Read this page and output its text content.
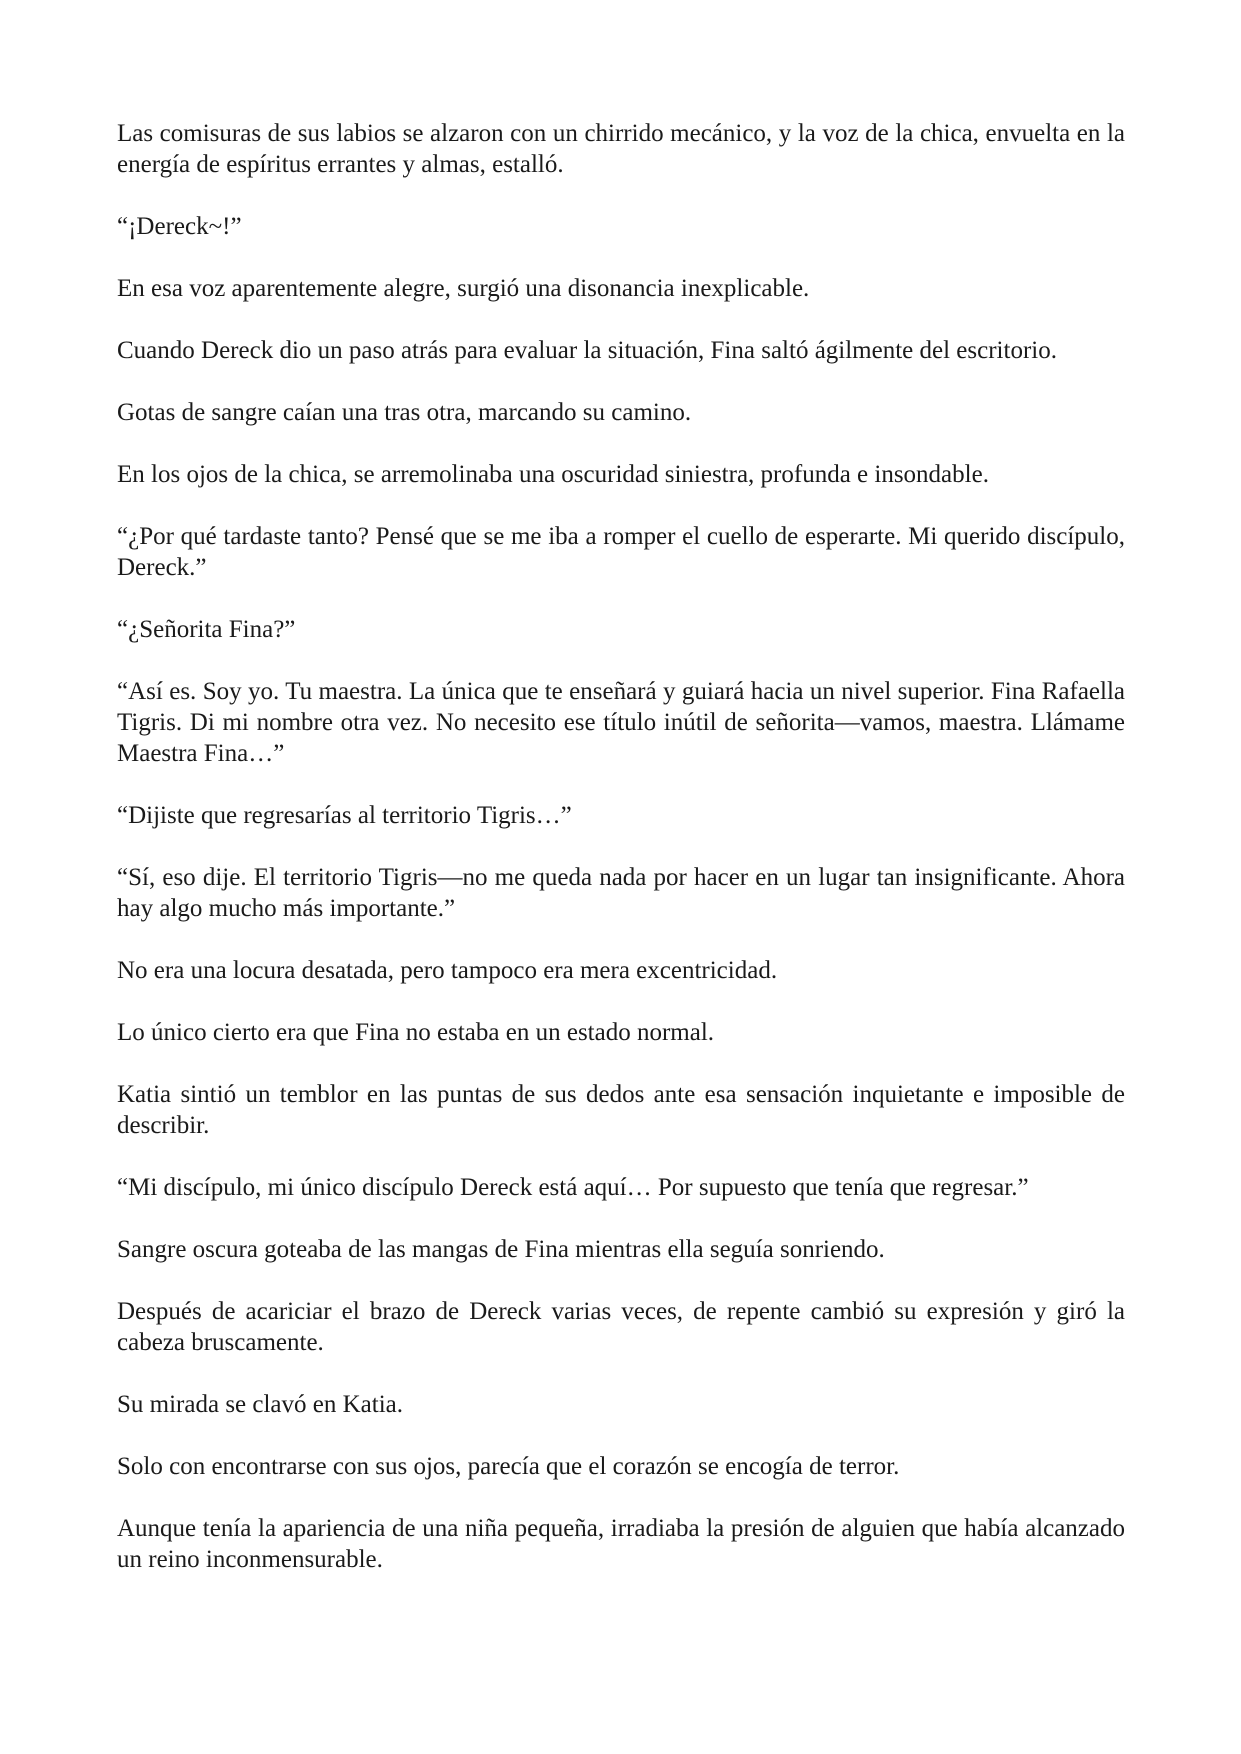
Las comisuras de sus labios se alzaron con un chirrido mecánico, y la voz de la chica, envuelta en la energía de espíritus errantes y almas, estalló.

“¡Dereck~!”

En esa voz aparentemente alegre, surgió una disonancia inexplicable.

Cuando Dereck dio un paso atrás para evaluar la situación, Fina saltó ágilmente del escritorio.

Gotas de sangre caían una tras otra, marcando su camino.

En los ojos de la chica, se arremolinaba una oscuridad siniestra, profunda e insondable.

“¿Por qué tardaste tanto? Pensé que se me iba a romper el cuello de esperarte. Mi querido discípulo, Dereck.”

“¿Señorita Fina?”

“Así es. Soy yo. Tu maestra. La única que te enseñará y guiará hacia un nivel superior. Fina Rafaella Tigris. Di mi nombre otra vez. No necesito ese título inútil de señorita—vamos, maestra. Llámame Maestra Fina…”

“Dijiste que regresarías al territorio Tigris…”

“Sí, eso dije. El territorio Tigris—no me queda nada por hacer en un lugar tan insignificante. Ahora hay algo mucho más importante.”

No era una locura desatada, pero tampoco era mera excentricidad.

Lo único cierto era que Fina no estaba en un estado normal.

Katia sintió un temblor en las puntas de sus dedos ante esa sensación inquietante e imposible de describir.

“Mi discípulo, mi único discípulo Dereck está aquí… Por supuesto que tenía que regresar.”

Sangre oscura goteaba de las mangas de Fina mientras ella seguía sonriendo.

Después de acariciar el brazo de Dereck varias veces, de repente cambió su expresión y giró la cabeza bruscamente.

Su mirada se clavó en Katia.

Solo con encontrarse con sus ojos, parecía que el corazón se encogía de terror.

Aunque tenía la apariencia de una niña pequeña, irradiaba la presión de alguien que había alcanzado un reino inconmensurable.
